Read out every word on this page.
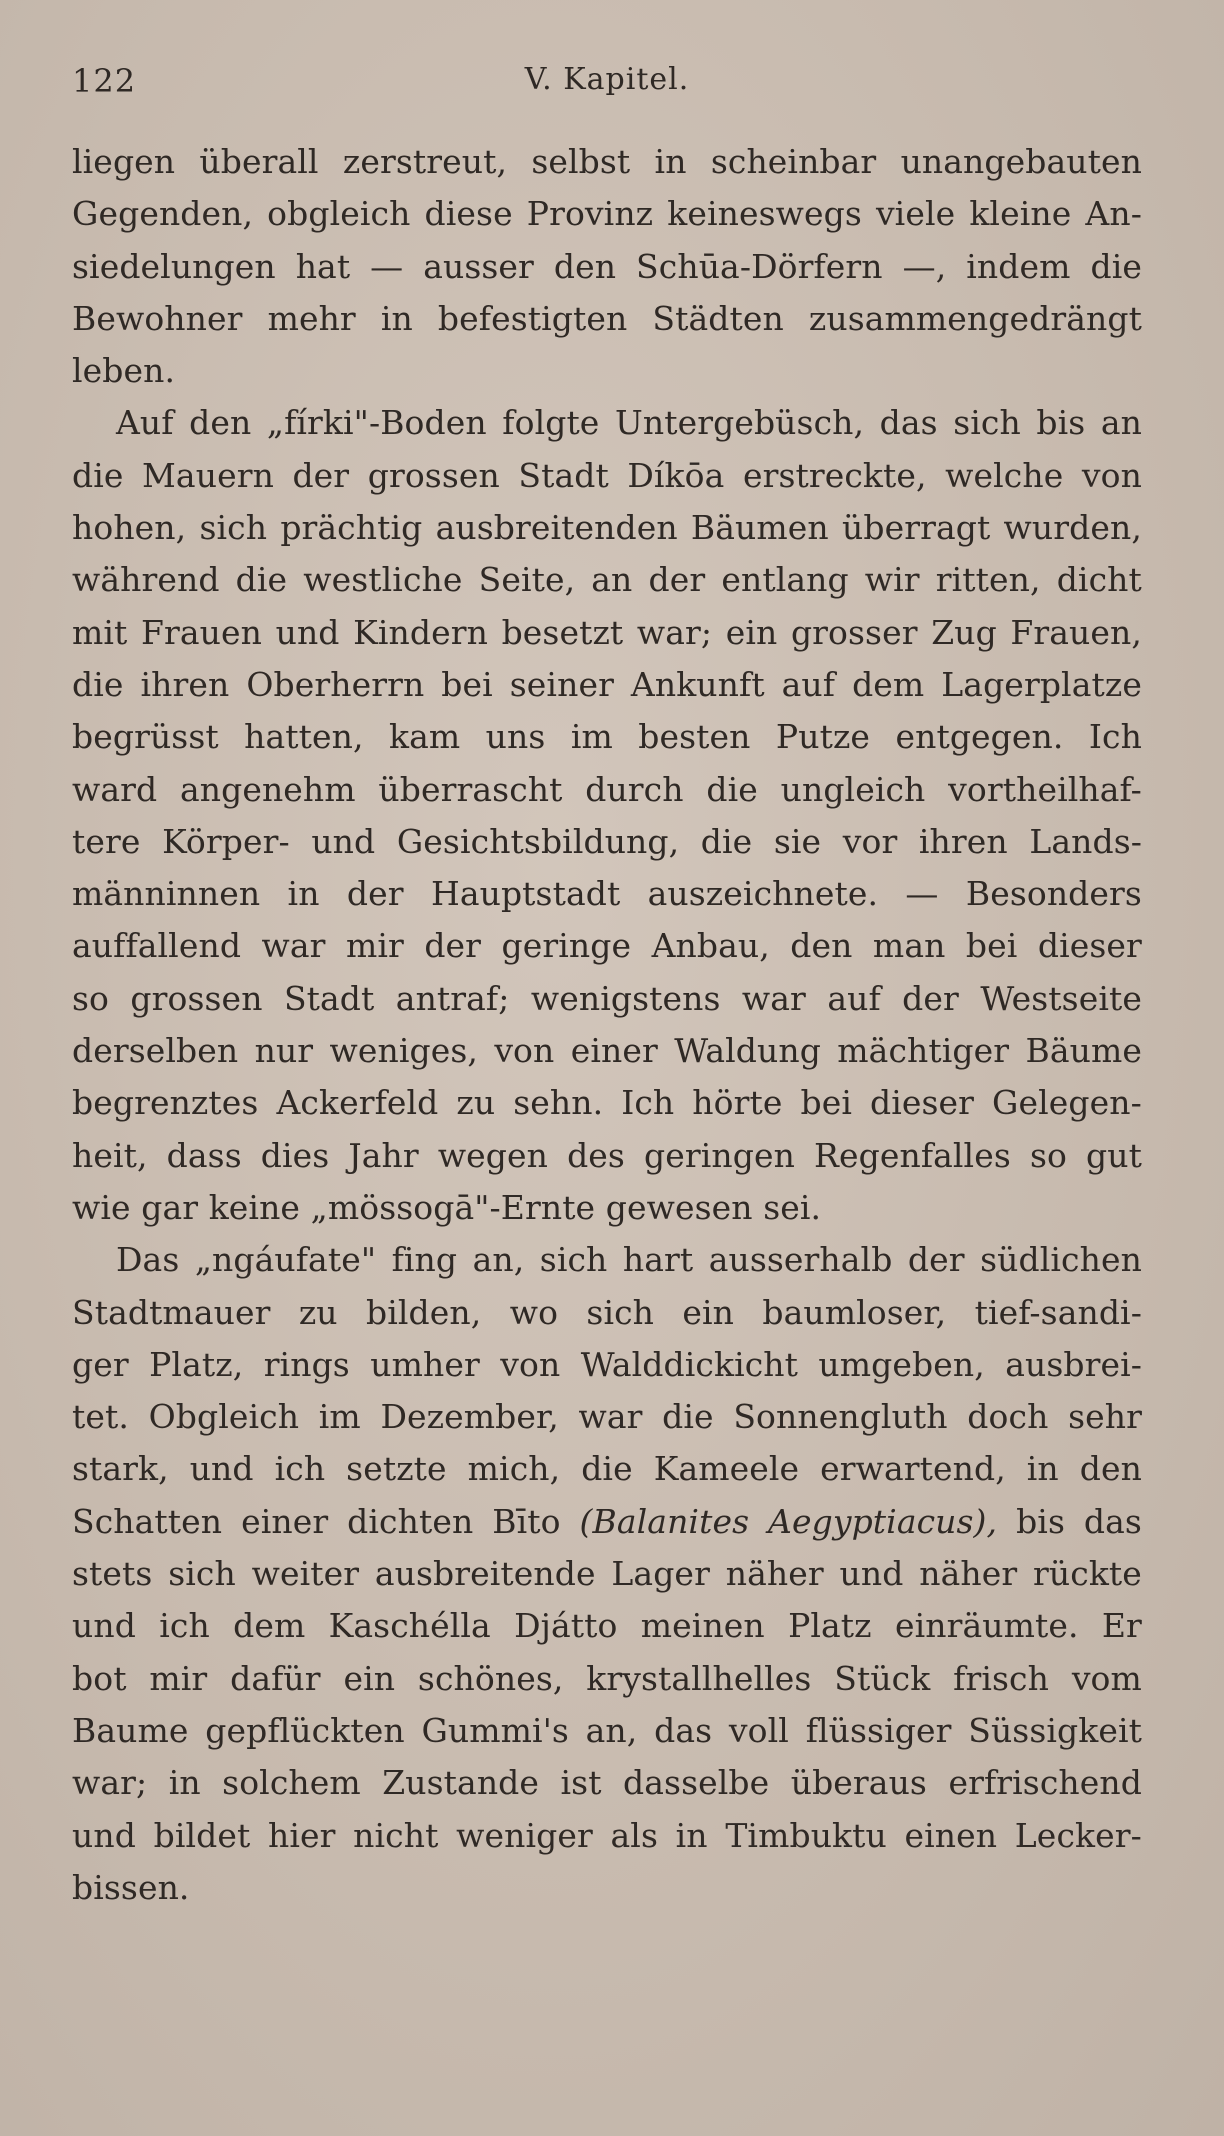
122	V. Kapitel.
liegen überall zerstreut, selbst in scheinbar unangebauten
Gegenden, obgleich diese Provinz keineswegs viele kleine An-
siedelungen hat — ausser den Schūa-Dörfern —, indem die
Bewohner mehr in befestigten Städten zusammengedrängt
leben.
Auf den „fírki"-Boden folgte Untergebüsch, das sich bis an
die Mauern der grossen Stadt Díkōa erstreckte, welche von
hohen, sich prächtig ausbreitenden Bäumen überragt wurden,
während die westliche Seite, an der entlang wir ritten, dicht
mit Frauen und Kindern besetzt war; ein grosser Zug Frauen,
die ihren Oberherrn bei seiner Ankunft auf dem Lagerplatze
begrüsst hatten, kam uns im besten Putze entgegen. Ich
ward angenehm überrascht durch die ungleich vortheilhaf-
tere Körper- und Gesichtsbildung, die sie vor ihren Lands-
männinnen in der Hauptstadt auszeichnete. — Besonders
auffallend war mir der geringe Anbau, den man bei dieser
so grossen Stadt antraf; wenigstens war auf der Westseite
derselben nur weniges, von einer Waldung mächtiger Bäume
begrenztes Ackerfeld zu sehn. Ich hörte bei dieser Gelegen-
heit, dass dies Jahr wegen des geringen Regenfalles so gut
wie gar keine „mössogā"-Ernte gewesen sei.
Das „ngáufate" fing an, sich hart ausserhalb der südlichen
Stadtmauer zu bilden, wo sich ein baumloser, tief-sandi-
ger Platz, rings umher von Walddickicht umgeben, ausbrei-
tet. Obgleich im Dezember, war die Sonnengluth doch sehr
stark, und ich setzte mich, die Kameele erwartend, in den
Schatten einer dichten Bīto (Balanites Aegyptiacus), bis das
stets sich weiter ausbreitende Lager näher und näher rückte
und ich dem Kaschélla Djátto meinen Platz einräumte. Er
bot mir dafür ein schönes, krystallhelles Stück frisch vom
Baume gepflückten Gummi's an, das voll flüssiger Süssigkeit
war; in solchem Zustande ist dasselbe überaus erfrischend
und bildet hier nicht weniger als in Timbuktu einen Lecker-
bissen.
